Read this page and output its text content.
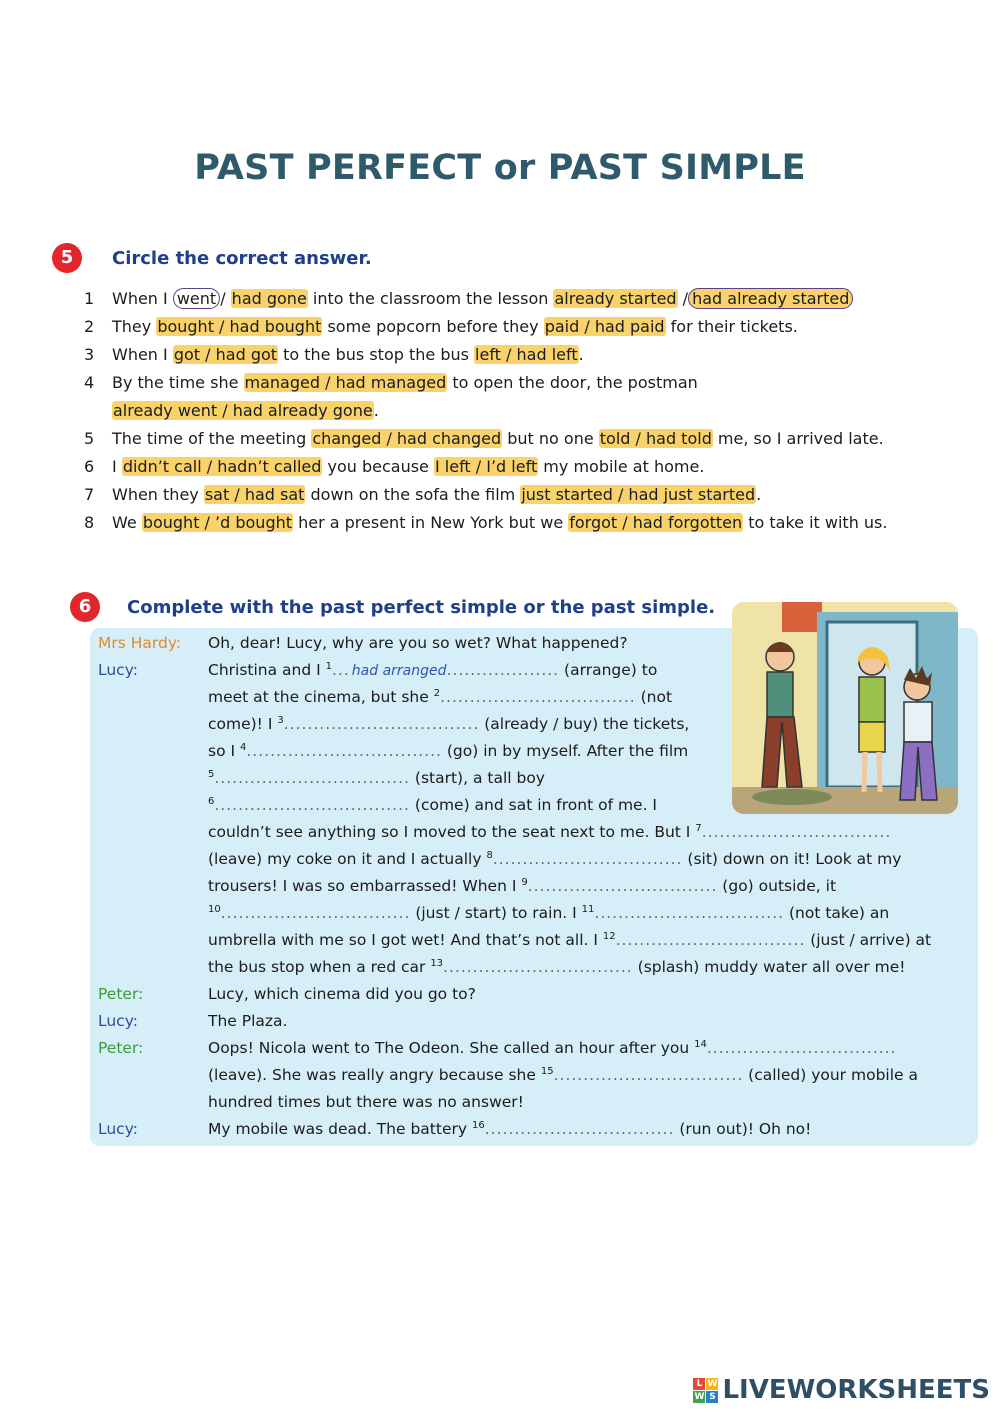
PAST PERFECT or PAST SIMPLE
5	Circle the correct answer.
1	When I went / had gone into the classroom the lesson already started / had already started
2	They bought / had bought some popcorn before they paid / had paid for their tickets.
3	When I got / had got to the bus stop the bus left / had left.
4	By the time she managed / had managed to open the door, the postman
already went / had already gone.
5	The time of the meeting changed / had changed but no one told / had told me, so I arrived late.
6	I didn’t call / hadn’t called you because I left / I’d left my mobile at home.
7	When they sat / had sat down on the sofa the film just started / had just started.
8	We bought / ’d bought her a present in New York but we forgot / had forgotten to take it with us.
6	Complete with the past perfect simple or the past simple.
Mrs Hardy:	Oh, dear! Lucy, why are you so wet? What happened?
Lucy:	Christina and I $^1$... had arranged................... (arrange) to
meet at the cinema, but she $^2$................................. (not
come)! I $^3$................................. (already / buy) the tickets,
so I $^4$................................. (go) in by myself. After the film
$^5$................................. (start), a tall boy
$^6$................................. (come) and sat in front of me. I
couldn’t see anything so I moved to the seat next to me. But I $^7$................................
(leave) my coke on it and I actually $^8$................................ (sit) down on it! Look at my
trousers! I was so embarrassed! When I $^9$................................ (go) outside, it
$^{10}$................................ (just / start) to rain. I $^{11}$................................ (not take) an
umbrella with me so I got wet! And that’s not all. I $^{12}$................................ (just / arrive) at
the bus stop when a red car $^{13}$................................ (splash) muddy water all over me!
Peter:	Lucy, which cinema did you go to?
Lucy:	The Plaza.
Peter:	Oops! Nicola went to The Odeon. She called an hour after you $^{14}$................................
(leave). She was really angry because she $^{15}$................................ (called) your mobile a
hundred times but there was no answer!
Lucy:	My mobile was dead. The battery $^{16}$................................ (run out)! Oh no!
L W
W S LIVEWORKSHEETS
